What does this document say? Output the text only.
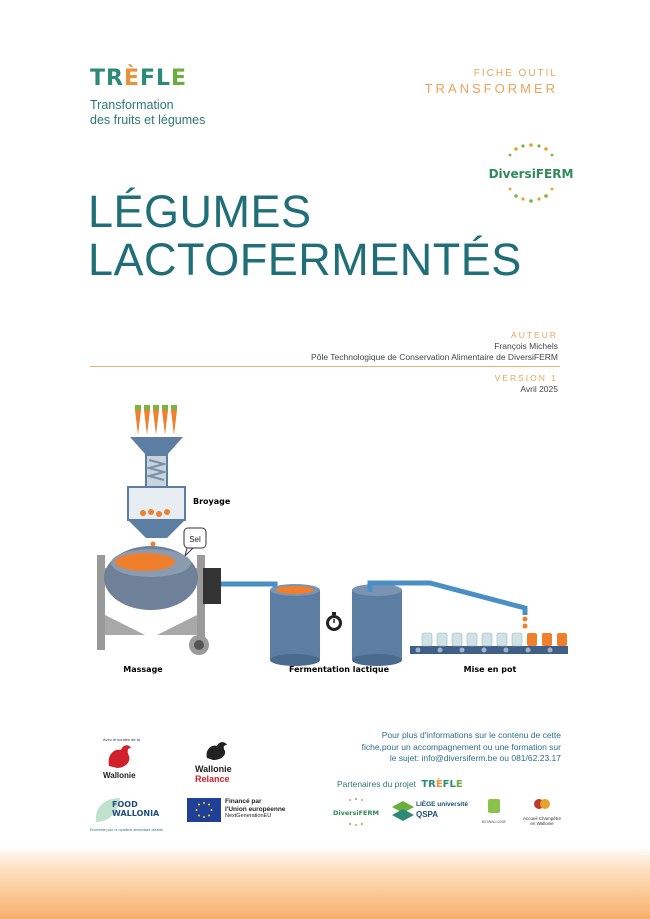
TRÈFLE
Transformation
des fruits et légumes
FICHE OUTIL
TRANSFORMER
DiversiFERM
LÉGUMES
LACTOFERMENTÉS
AUTEUR
François Michels
Pôle Technologique de Conservation Alimentaire de DiversiFERM
VERSION 1
Avril 2025
Sel
Broyage
Massage	Fermentation lactique	Mise en pot
Pour plus d'informations sur le contenu de cette
fiche,pour un accompagnement ou une formation sur
le sujet: info@diversiferm.be ou 081/62.23.17
Avec le soutien de la
Wallonie
Wallonie
Relance
FOOD WALLONIA
Ensemble pour un système alimentaire durable
Financé par
l'Union européenne
NextGenerationEU
Partenaires du projet TRÈFLE
DiversiFERM
LIÈGE université
QSPA
BIOWALLONIE
Accueil Champêtre
en Wallonie
